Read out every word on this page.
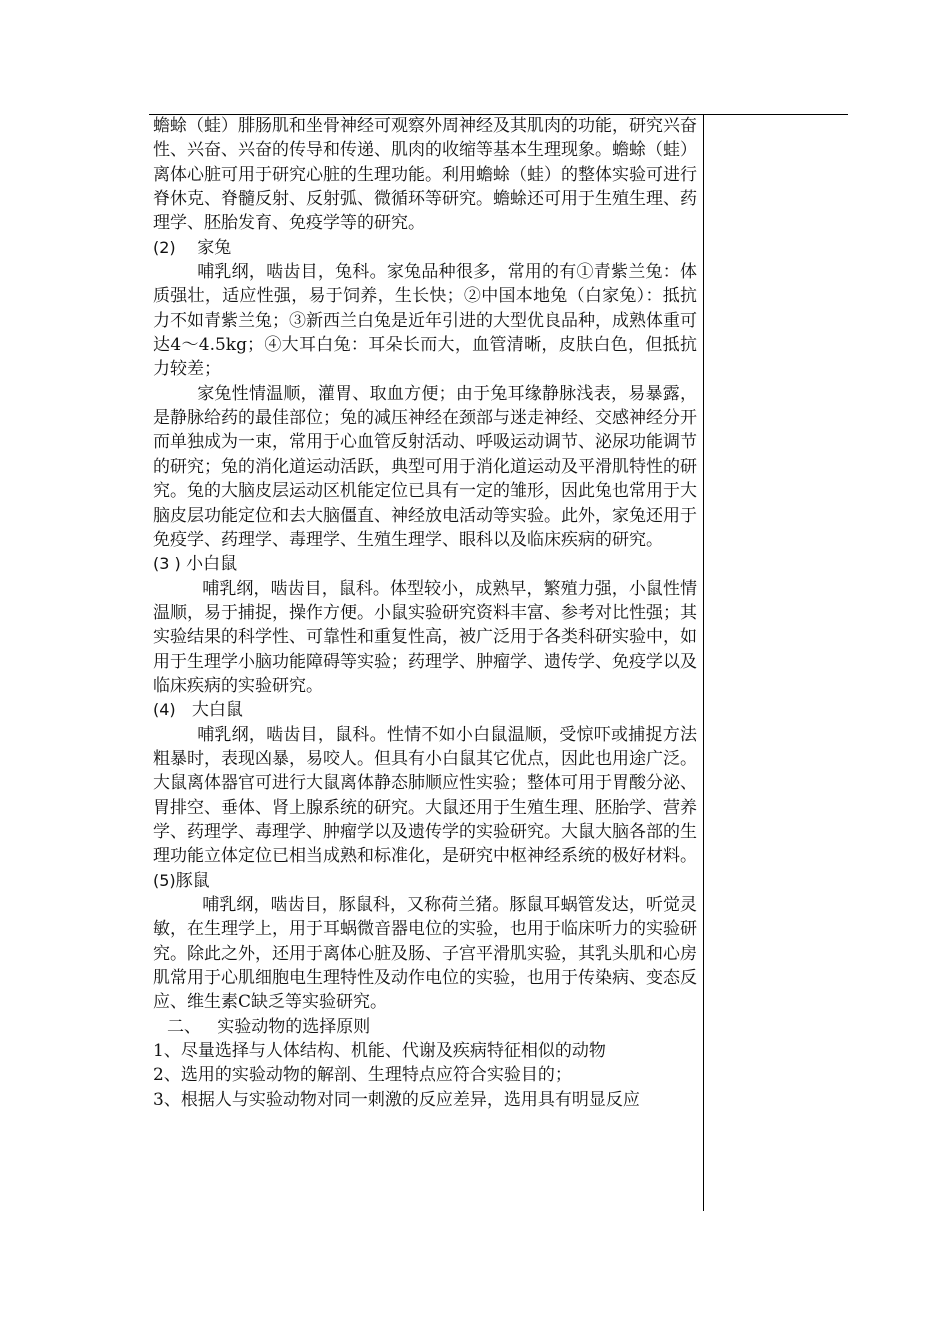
蟾蜍（蛙）腓肠肌和坐骨神经可观察外周神经及其肌肉的功能，研究兴奋性、兴奋、兴奋的传导和传递、肌肉的收缩等基本生理现象。蟾蜍（蛙）离体心脏可用于研究心脏的生理功能。利用蟾蜍（蛙）的整体实验可进行脊休克、脊髓反射、反射弧、微循环等研究。蟾蜍还可用于生殖生理、药理学、胚胎发育、免疫学等的研究。

(2) 家兔

哺乳纲，啮齿目，兔科。家兔品种很多，常用的有①青紫兰兔：体质强壮，适应性强，易于饲养，生长快；②中国本地兔（白家兔）：抵抗力不如青紫兰兔；③新西兰白兔是近年引进的大型优良品种，成熟体重可达4～4.5kg；④大耳白兔：耳朵长而大，血管清晰，皮肤白色，但抵抗力较差；

家兔性情温顺，灌胃、取血方便；由于兔耳缘静脉浅表，易暴露，是静脉给药的最佳部位；兔的减压神经在颈部与迷走神经、交感神经分开而单独成为一束，常用于心血管反射活动、呼吸运动调节、泌尿功能调节的研究；兔的消化道运动活跃，典型可用于消化道运动及平滑肌特性的研究。兔的大脑皮层运动区机能定位已具有一定的雏形，因此兔也常用于大脑皮层功能定位和去大脑僵直、神经放电活动等实验。此外，家兔还用于免疫学、药理学、毒理学、生殖生理学、眼科以及临床疾病的研究。

(3 ) 小白鼠

哺乳纲，啮齿目，鼠科。体型较小，成熟早，繁殖力强，小鼠性情温顺，易于捕捉，操作方便。小鼠实验研究资料丰富、参考对比性强；其实验结果的科学性、可靠性和重复性高，被广泛用于各类科研实验中，如用于生理学小脑功能障碍等实验；药理学、肿瘤学、遗传学、免疫学以及临床疾病的实验研究。

(4) 大白鼠

哺乳纲，啮齿目，鼠科。性情不如小白鼠温顺，受惊吓或捕捉方法粗暴时，表现凶暴，易咬人。但具有小白鼠其它优点，因此也用途广泛。大鼠离体器官可进行大鼠离体静态肺顺应性实验；整体可用于胃酸分泌、胃排空、垂体、肾上腺系统的研究。大鼠还用于生殖生理、胚胎学、营养学、药理学、毒理学、肿瘤学以及遗传学的实验研究。大鼠大脑各部的生理功能立体定位已相当成熟和标准化，是研究中枢神经系统的极好材料。

(5)豚鼠

哺乳纲，啮齿目，豚鼠科，又称荷兰猪。豚鼠耳蜗管发达，听觉灵敏，在生理学上，用于耳蜗微音器电位的实验，也用于临床听力的实验研究。除此之外，还用于离体心脏及肠、子宫平滑肌实验，其乳头肌和心房肌常用于心肌细胞电生理特性及动作电位的实验，也用于传染病、变态反应、维生素C缺乏等实验研究。

二、 实验动物的选择原则

1、尽量选择与人体结构、机能、代谢及疾病特征相似的动物

2、选用的实验动物的解剖、生理特点应符合实验目的；

3、根据人与实验动物对同一刺激的反应差异，选用具有明显反应
